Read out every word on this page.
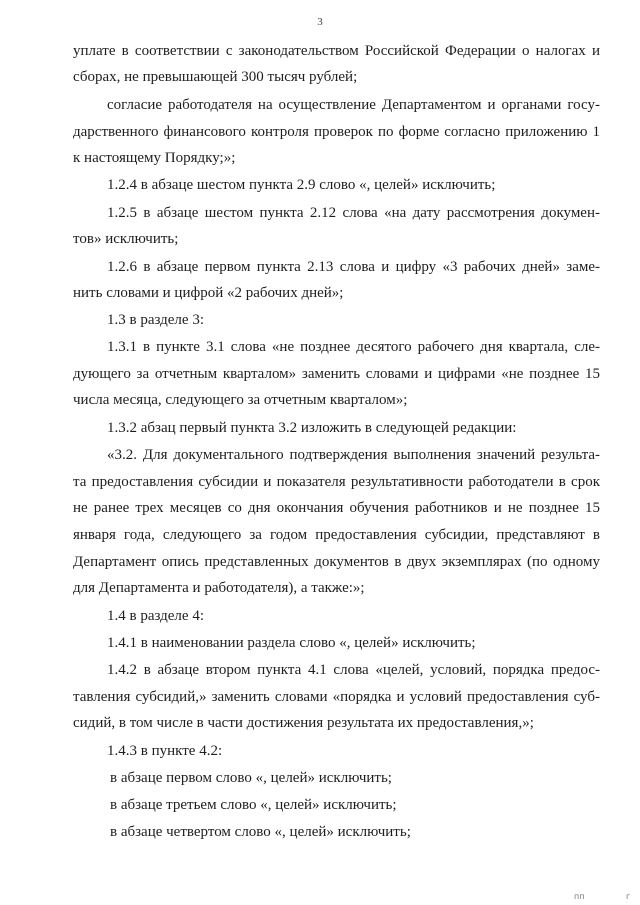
3
уплате в соответствии с законодательством Российской Федерации о налогах и
сборах, не превышающей 300 тысяч рублей;
согласие работодателя на осуществление Департаментом и органами госу-
дарственного финансового контроля проверок по форме согласно приложению 1
к настоящему Порядку;»;
1.2.4 в абзаце шестом пункта 2.9 слово «, целей» исключить;
1.2.5 в абзаце шестом пункта 2.12 слова «на дату рассмотрения докумен-
тов» исключить;
1.2.6 в абзаце первом пункта 2.13 слова и цифру «3 рабочих дней» заме-
нить словами и цифрой «2 рабочих дней»;
1.3 в разделе 3:
1.3.1 в пункте 3.1 слова «не позднее десятого рабочего дня квартала, сле-
дующего за отчетным кварталом» заменить словами и цифрами «не позднее 15
числа месяца, следующего за отчетным кварталом»;
1.3.2 абзац первый пункта 3.2 изложить в следующей редакции:
«3.2. Для документального подтверждения выполнения значений результа-
та предоставления субсидии и показателя результативности работодатели в срок
не ранее трех месяцев со дня окончания обучения работников и не позднее 15
января года, следующего за годом предоставления субсидии, представляют в
Департамент опись представленных документов в двух экземплярах (по одному
для Департамента и работодателя), а также:»;
1.4 в разделе 4:
1.4.1 в наименовании раздела слово «, целей» исключить;
1.4.2 в абзаце втором пункта 4.1 слова «целей, условий, порядка предос-
тавления субсидий,» заменить словами «порядка и условий предоставления суб-
сидий, в том числе в части достижения результата их предоставления,»;
1.4.3 в пункте 4.2:
в абзаце первом слово «, целей» исключить;
в абзаце третьем слово «, целей» исключить;
в абзаце четвертом слово «, целей» исключить;
пп	г
